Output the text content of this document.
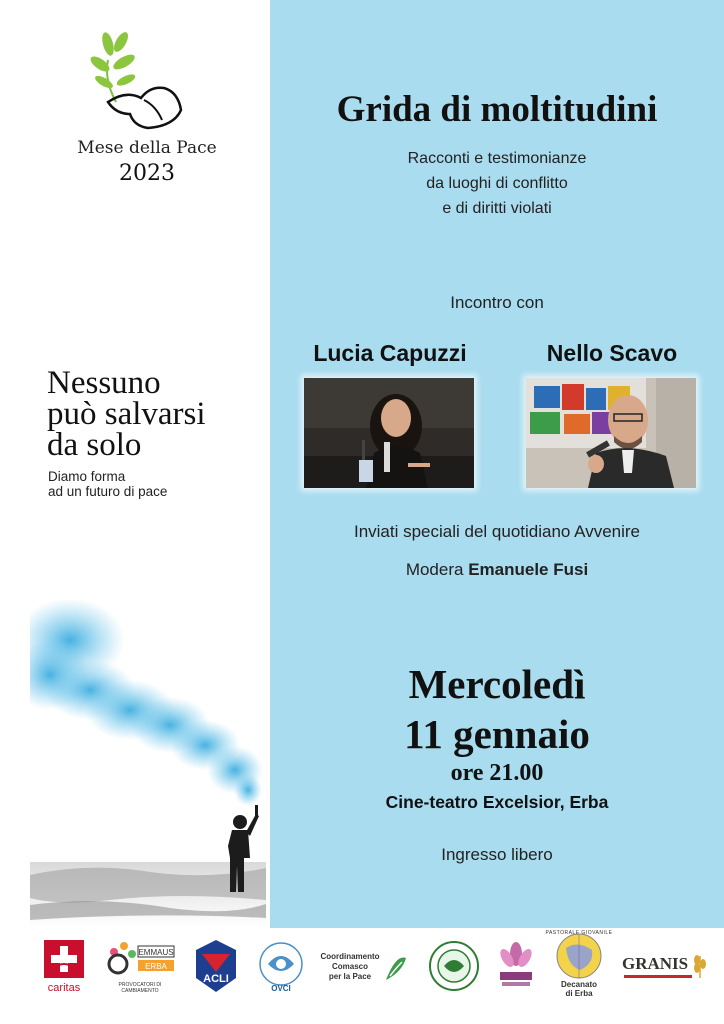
Mese della Pace
2023
Nessuno
può salvarsi
da solo
Diamo forma
ad un futuro di pace
Grida di moltitudini
Racconti e testimonianze
da luoghi di conflitto
e di diritti violati
Incontro con
Lucia Capuzzi	Nello Scavo
Inviati speciali del quotidiano Avvenire
Modera Emanuele Fusi
Mercoledì
11 gennaio
ore 21.00
Cine-teatro Excelsior, Erba
Ingresso libero
caritas
EMMAUS
ERBA
PROVOCATORI DI CAMBIAMENTO
ACLI
OVCI
Coordinamento
Comasco
per la Pace
PASTORALE GIOVANILE
Decanato
di Erba
GRANIS
